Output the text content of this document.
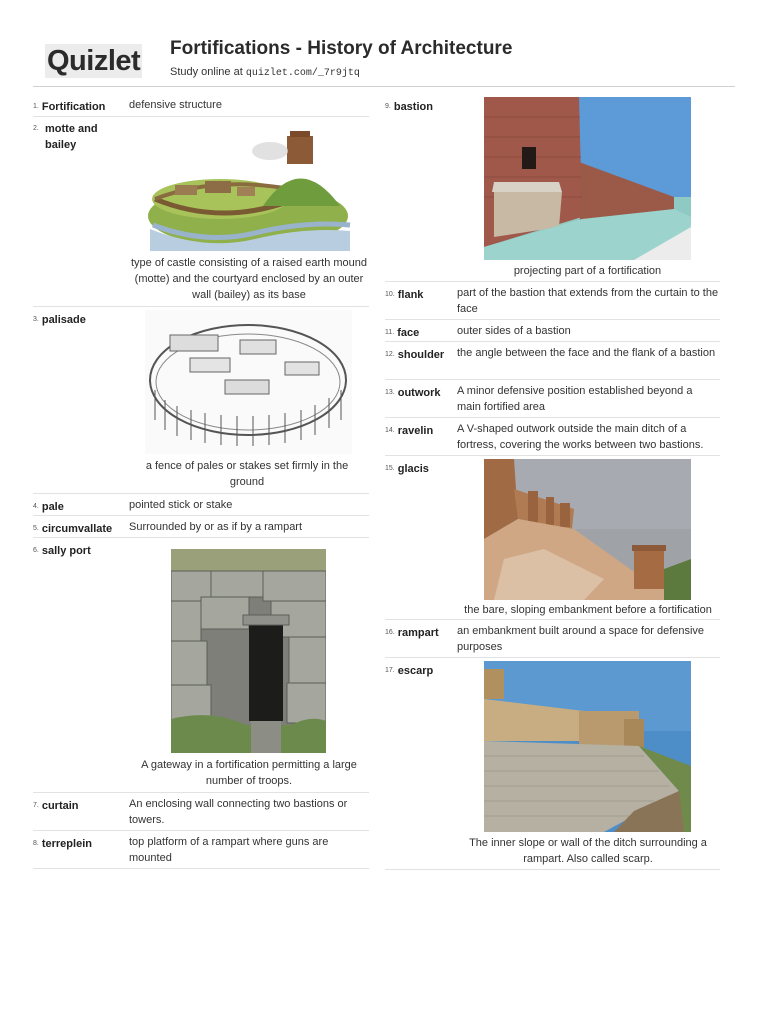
Quizlet Fortifications - History of Architecture
Study online at quizlet.com/_7r9jtq
1. Fortification defensive structure
2. motte and bailey
type of castle consisting of a raised earth mound (motte) and the courtyard enclosed by an outer wall (bailey) as its base
3. palisade
a fence of pales or stakes set firmly in the ground
4. pale	pointed stick or stake
5. circumvallate Surrounded by or as if by a rampart
6. sally port
A gateway in a fortification permitting a large number of troops.
7. curtain	An enclosing wall connecting two bastions or towers.
8. terreplein	top platform of a rampart where guns are mounted
9. bastion
projecting part of a fortification
10. flank	part of the bastion that extends from the curtain to the face
11. face	outer sides of a bastion
12. shoulder the angle between the face and the flank of a bastion
13. outwork A minor defensive position established beyond a main fortified area
14. ravelin A V-shaped outwork outside the main ditch of a fortress, covering the works between two bastions.
15. glacis
the bare, sloping embankment before a fortification
16. rampart an embankment built around a space for defensive purposes
17. escarp
The inner slope or wall of the ditch surrounding a rampart. Also called scarp.
